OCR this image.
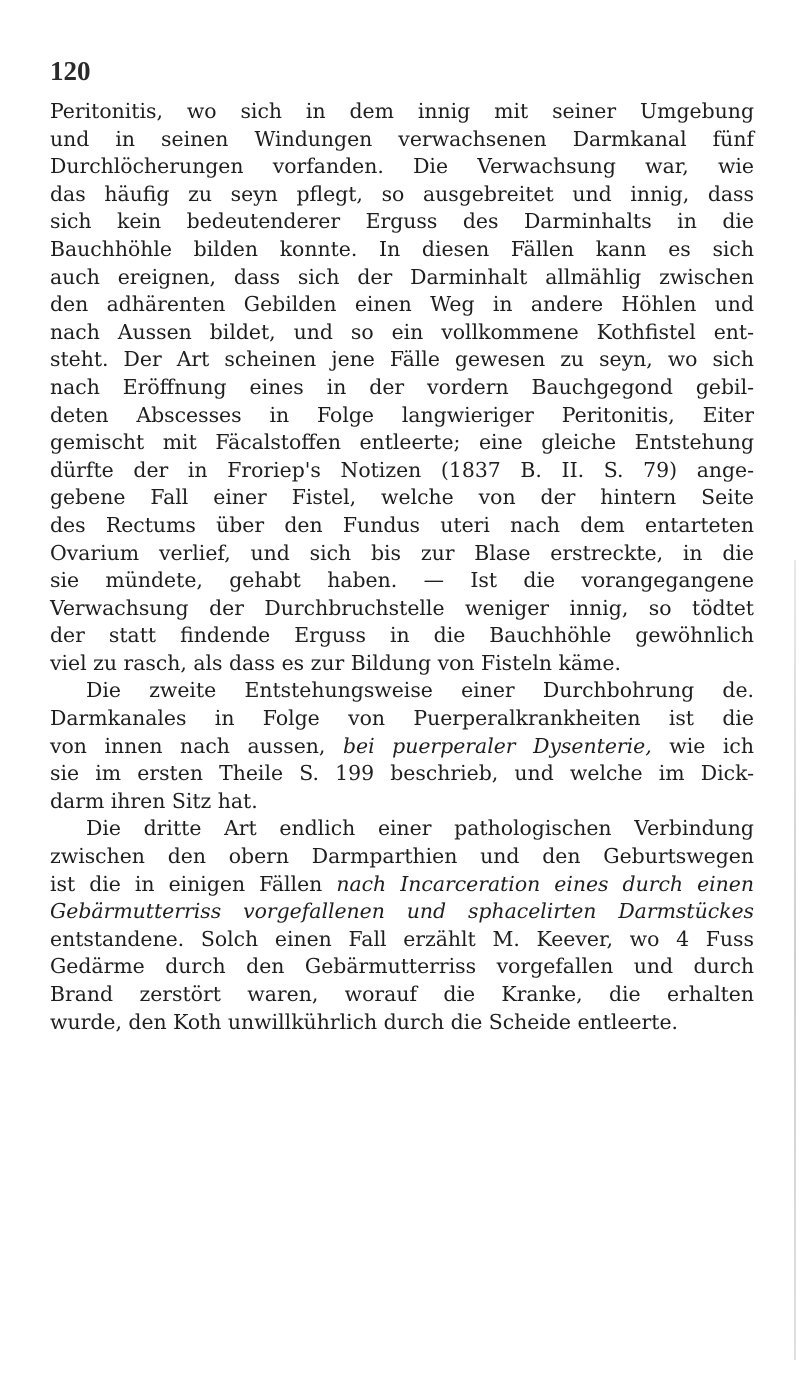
120
Peritonitis, wo sich in dem innig mit seiner Umgebung
und in seinen Windungen verwachsenen Darmkanal fünf
Durchlöcherungen vorfanden. Die Verwachsung war, wie
das häufig zu seyn pflegt, so ausgebreitet und innig, dass
sich kein bedeutenderer Erguss des Darminhalts in die
Bauchhöhle bilden konnte. In diesen Fällen kann es sich
auch ereignen, dass sich der Darminhalt allmählig zwischen
den adhärenten Gebilden einen Weg in andere Höhlen und
nach Aussen bildet, und so ein vollkommene Kothfistel ent-
steht. Der Art scheinen jene Fälle gewesen zu seyn, wo sich
nach Eröffnung eines in der vordern Bauchgegond gebil-
deten Abscesses in Folge langwieriger Peritonitis, Eiter
gemischt mit Fäcalstoffen entleerte; eine gleiche Entstehung
dürfte der in Froriep's Notizen (1837 B. II. S. 79) ange-
gebene Fall einer Fistel, welche von der hintern Seite
des Rectums über den Fundus uteri nach dem entarteten
Ovarium verlief, und sich bis zur Blase erstreckte, in die
sie mündete, gehabt haben. — Ist die vorangegangene
Verwachsung der Durchbruchstelle weniger innig, so tödtet
der statt findende Erguss in die Bauchhöhle gewöhnlich
viel zu rasch, als dass es zur Bildung von Fisteln käme.
Die zweite Entstehungsweise einer Durchbohrung de.
Darmkanales in Folge von Puerperalkrankheiten ist die
von innen nach aussen, bei puerperaler Dysenterie, wie ich
sie im ersten Theile S. 199 beschrieb, und welche im Dick-
darm ihren Sitz hat.
Die dritte Art endlich einer pathologischen Verbindung
zwischen den obern Darmparthien und den Geburtswegen
ist die in einigen Fällen nach Incarceration eines durch einen
Gebärmutterriss vorgefallenen und sphacelirten Darmstückes
entstandene. Solch einen Fall erzählt M. Keever, wo 4 Fuss
Gedärme durch den Gebärmutterriss vorgefallen und durch
Brand zerstört waren, worauf die Kranke, die erhalten
wurde, den Koth unwillkührlich durch die Scheide entleerte.
